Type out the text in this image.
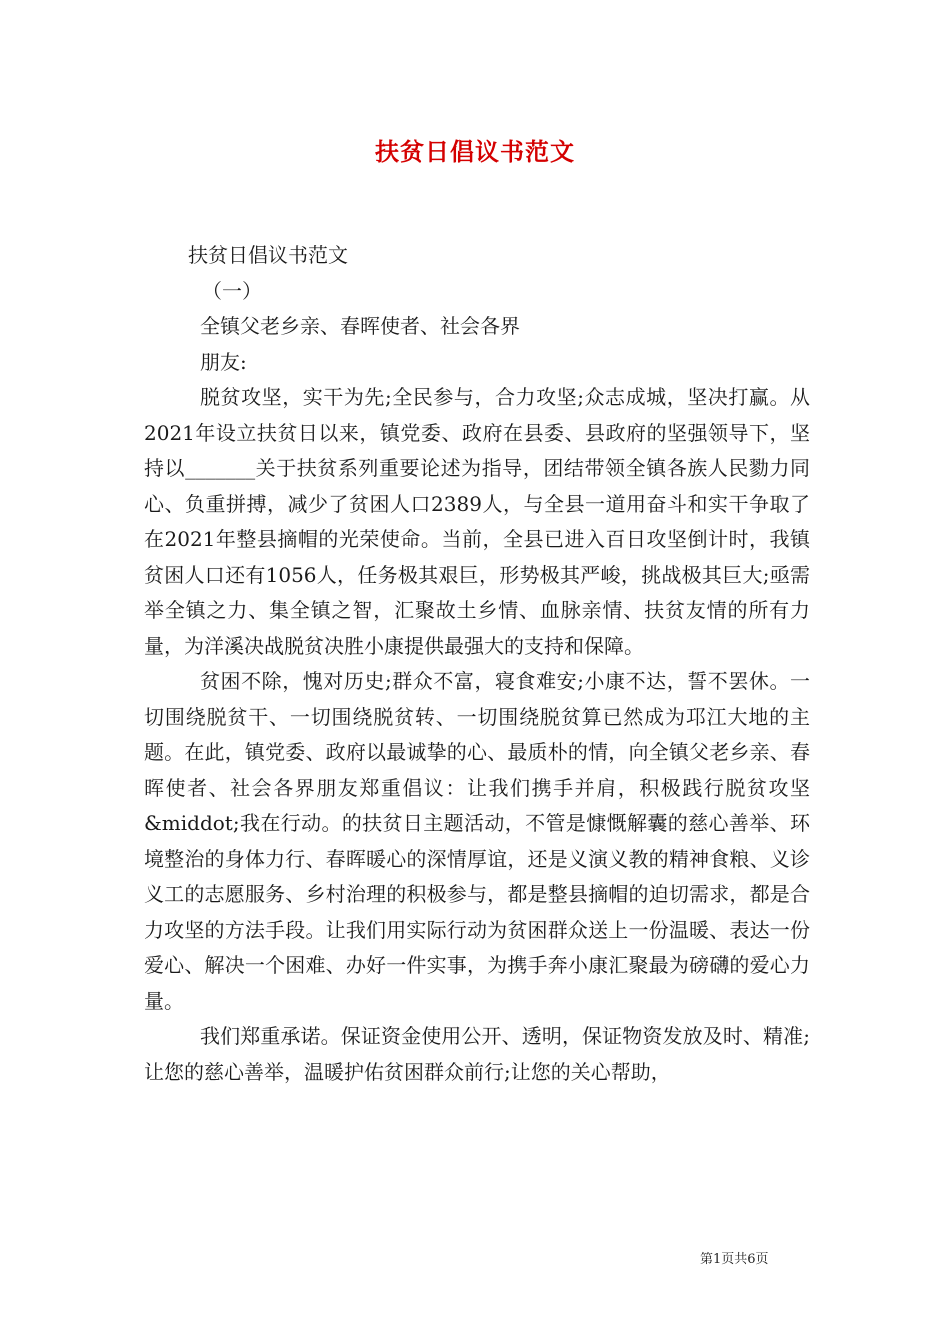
扶贫日倡议书范文
扶贫日倡议书范文
（一）
全镇父老乡亲、春晖使者、社会各界
朋友:
脱贫攻坚，实干为先;全民参与，合力攻坚;众志成城，坚决打赢。从2021年设立扶贫日以来，镇党委、政府在县委、县政府的坚强领导下，坚持以_______关于扶贫系列重要论述为指导，团结带领全镇各族人民勠力同心、负重拼搏，减少了贫困人口2389人，与全县一道用奋斗和实干争取了在2021年整县摘帽的光荣使命。当前，全县已进入百日攻坚倒计时，我镇贫困人口还有1056人，任务极其艰巨，形势极其严峻，挑战极其巨大;亟需举全镇之力、集全镇之智，汇聚故土乡情、血脉亲情、扶贫友情的所有力量，为洋溪决战脱贫决胜小康提供最强大的支持和保障。
贫困不除，愧对历史;群众不富，寝食难安;小康不达，誓不罢休。一切围绕脱贫干、一切围绕脱贫转、一切围绕脱贫算已然成为邛江大地的主题。在此，镇党委、政府以最诚挚的心、最质朴的情，向全镇父老乡亲、春晖使者、社会各界朋友郑重倡议：让我们携手并肩，积极践行脱贫攻坚&middot;我在行动。的扶贫日主题活动，不管是慷慨解囊的慈心善举、环境整治的身体力行、春晖暖心的深情厚谊，还是义演义教的精神食粮、义诊义工的志愿服务、乡村治理的积极参与，都是整县摘帽的迫切需求，都是合力攻坚的方法手段。让我们用实际行动为贫困群众送上一份温暖、表达一份爱心、解决一个困难、办好一件实事，为携手奔小康汇聚最为磅礴的爱心力量。
我们郑重承诺。保证资金使用公开、透明，保证物资发放及时、精准;让您的慈心善举，温暖护佑贫困群众前行;让您的关心帮助，
第1页共6页
